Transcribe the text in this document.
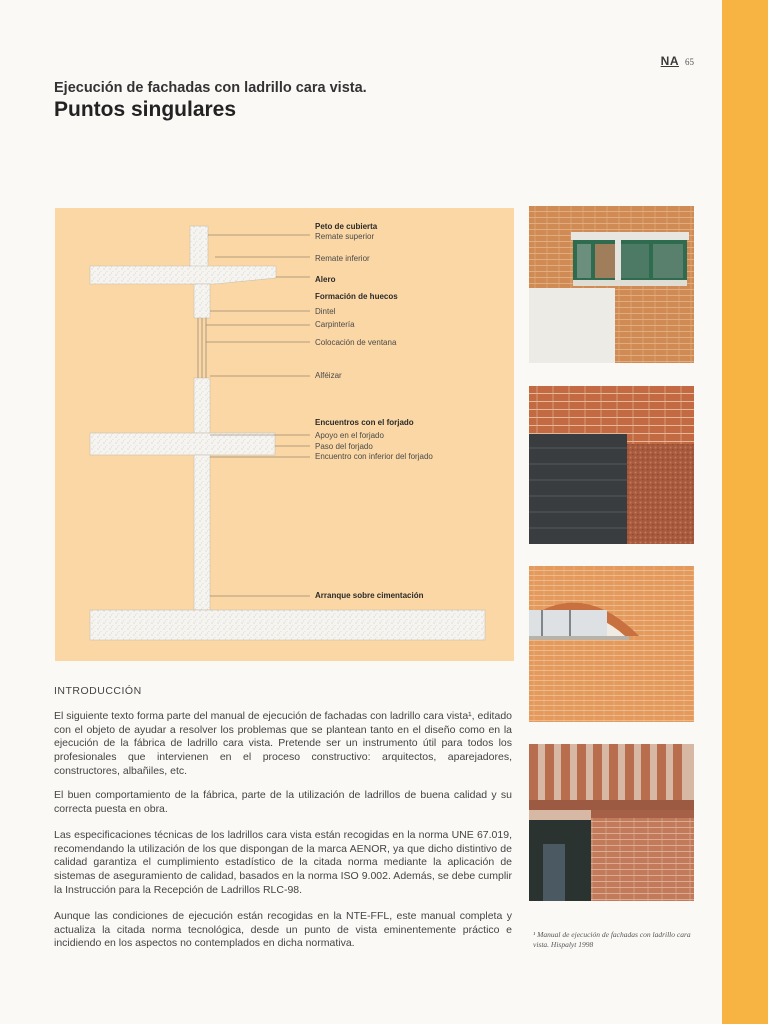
NA 65
Ejecución de fachadas con ladrillo cara vista.
Puntos singulares
Peto de cubierta
Remate superior
Remate inferior
Alero
Formación de huecos
Dintel
Carpintería
Colocación de ventana
Alféizar
Encuentros con el forjado
Apoyo en el forjado
Paso del forjado
Encuentro con inferior del forjado
Arranque sobre cimentación
INTRODUCCIÓN

El siguiente texto forma parte del manual de ejecución de fachadas con ladrillo cara vista¹, editado con el objeto de ayudar a resolver los problemas que se plantean tanto en el diseño como en la ejecución de la fábrica de ladrillo cara vista. Pretende ser un instrumento útil para todos los profesionales que intervienen en el proceso constructivo: arquitectos, aparejadores, constructores, albañiles, etc.

El buen comportamiento de la fábrica, parte de la utilización de ladrillos de buena calidad y su correcta puesta en obra.

Las especificaciones técnicas de los ladrillos cara vista están recogidas en la norma UNE 67.019, recomendando la utilización de los que dispongan de la marca AENOR, ya que dicho distintivo de calidad garantiza el cumplimiento estadístico de la citada norma mediante la aplicación de sistemas de aseguramiento de calidad, basados en la norma ISO 9.002. Además, se debe cumplir la Instrucción para la Recepción de Ladrillos RLC-98.

Aunque las condiciones de ejecución están recogidas en la NTE-FFL, este manual completa y actualiza la citada norma tecnológica, desde un punto de vista eminentemente práctico e incidiendo en los aspectos no contemplados en dicha normativa.

¹ Manual de ejecución de fachadas con ladrillo cara vista. Hispalyt 1998
